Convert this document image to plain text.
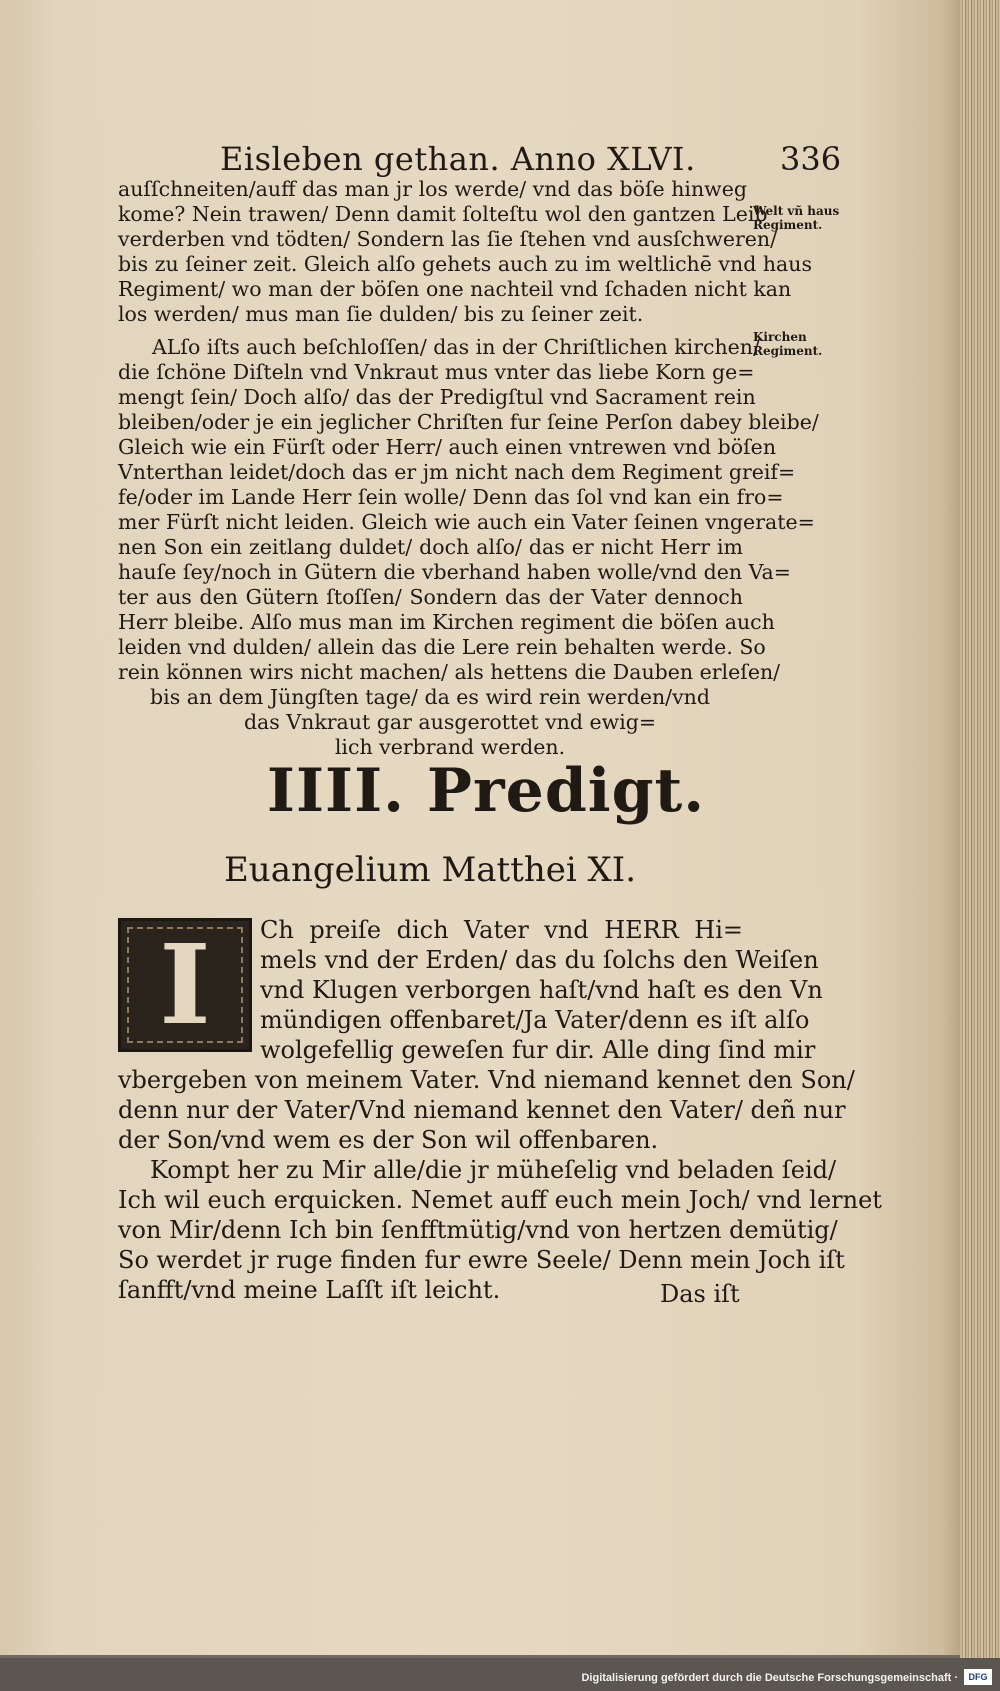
Eisleben gethan. Anno XLVI.	336
auſſchneiten/auff das man jr los werde/ vnd das böſe hinweg
kome? Nein trawen/ Denn damit ſolteſtu wol den gantzen Leib
verderben vnd tödten/ Sondern las ſie ſtehen vnd ausſchweren/
bis zu ſeiner zeit. Gleich alſo gehets auch zu im weltlichē vnd haus
Regiment/ wo man der böſen one nachteil vnd ſchaden nicht kan
los werden/ mus man ſie dulden/ bis zu ſeiner zeit.
ALſo iſts auch beſchloſſen/ das in der Chriſtlichen kirchen/
die ſchöne Diſteln vnd Vnkraut mus vnter das liebe Korn ge=
mengt ſein/ Doch alſo/ das der Predigſtul vnd Sacrament rein
bleiben/oder je ein jeglicher Chriſten fur ſeine Perſon dabey bleibe/
Gleich wie ein Fürſt oder Herr/ auch einen vntrewen vnd böſen
Vnterthan leidet/doch das er jm nicht nach dem Regiment greif=
fe/oder im Lande Herr ſein wolle/ Denn das ſol vnd kan ein fro=
mer Fürſt nicht leiden. Gleich wie auch ein Vater ſeinen vngerate=
nen Son ein zeitlang duldet/ doch alſo/ das er nicht Herr im
hauſe ſey/noch in Gütern die vberhand haben wolle/vnd den Va=
ter aus den Gütern ſtoſſen/ Sondern das der Vater dennoch
Herr bleibe. Alſo mus man im Kirchen regiment die böſen auch
leiden vnd dulden/ allein das die Lere rein behalten werde. So
rein können wirs nicht machen/ als hettens die Dauben erleſen/
bis an dem Jüngſten tage/ da es wird rein werden/vnd
das Vnkraut gar ausgerottet vnd ewig=
lich verbrand werden.
Welt vñ haus Regiment.
Kirchen Regiment.
IIII. Predigt.
Euangelium Matthei XI.
I	Ch preiſe dich Vater vnd HERR Hi=
mels vnd der Erden/ das du ſolchs den Weiſen
vnd Klugen verborgen haſt/vnd haſt es den Vn
mündigen offenbaret/Ja Vater/denn es iſt alſo
wolgefellig geweſen fur dir. Alle ding ſind mir
vbergeben von meinem Vater. Vnd niemand kennet den Son/
denn nur der Vater/Vnd niemand kennet den Vater/ deñ nur
der Son/vnd wem es der Son wil offenbaren.
Kompt her zu Mir alle/die jr müheſelig vnd beladen ſeid/
Ich wil euch erquicken. Nemet auff euch mein Joch/ vnd lernet
von Mir/denn Ich bin ſenfftmütig/vnd von hertzen demütig/
So werdet jr ruge finden fur ewre Seele/ Denn mein Joch iſt
ſanfft/vnd meine Laſſt iſt leicht.	Das iſt
Digitalisierung gefördert durch die Deutsche Forschungsgemeinschaft ·	DFG
